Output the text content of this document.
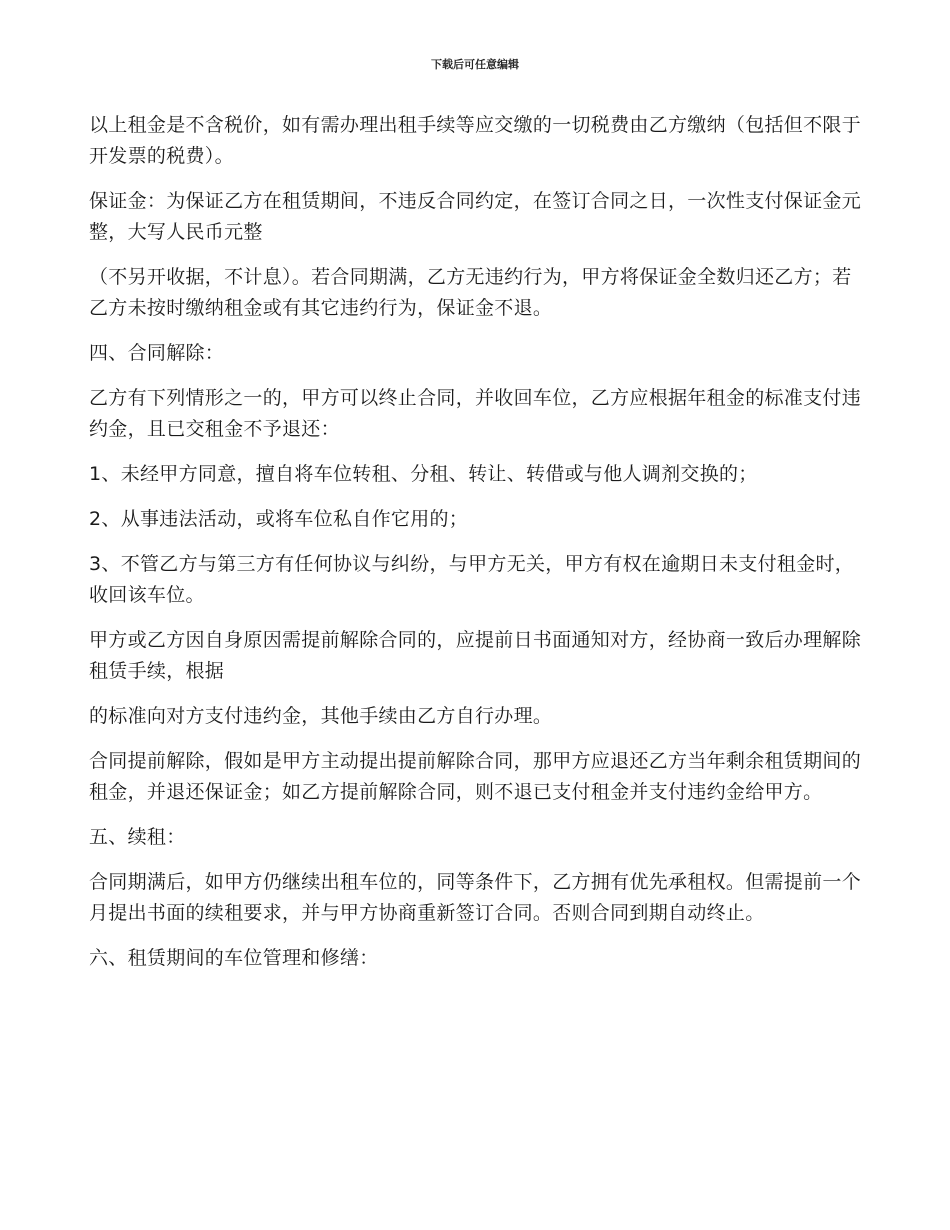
下载后可任意编辑

以上租金是不含税价，如有需办理出租手续等应交缴的一切税费由乙方缴纳（包括但不限于开发票的税费）。

保证金：为保证乙方在租赁期间，不违反合同约定，在签订合同之日，一次性支付保证金元整，大写人民币元整

（不另开收据，不计息）。若合同期满，乙方无违约行为，甲方将保证金全数归还乙方；若乙方未按时缴纳租金或有其它违约行为，保证金不退。

四、合同解除：

乙方有下列情形之一的，甲方可以终止合同，并收回车位，乙方应根据年租金的标准支付违约金，且已交租金不予退还：

1、未经甲方同意，擅自将车位转租、分租、转让、转借或与他人调剂交换的；

2、从事违法活动，或将车位私自作它用的；

3、不管乙方与第三方有任何协议与纠纷，与甲方无关，甲方有权在逾期日未支付租金时，收回该车位。

甲方或乙方因自身原因需提前解除合同的，应提前日书面通知对方，经协商一致后办理解除租赁手续，根据

的标准向对方支付违约金，其他手续由乙方自行办理。

合同提前解除，假如是甲方主动提出提前解除合同，那甲方应退还乙方当年剩余租赁期间的租金，并退还保证金；如乙方提前解除合同，则不退已支付租金并支付违约金给甲方。

五、续租：

合同期满后，如甲方仍继续出租车位的，同等条件下，乙方拥有优先承租权。但需提前一个月提出书面的续租要求，并与甲方协商重新签订合同。否则合同到期自动终止。

六、租赁期间的车位管理和修缮：
